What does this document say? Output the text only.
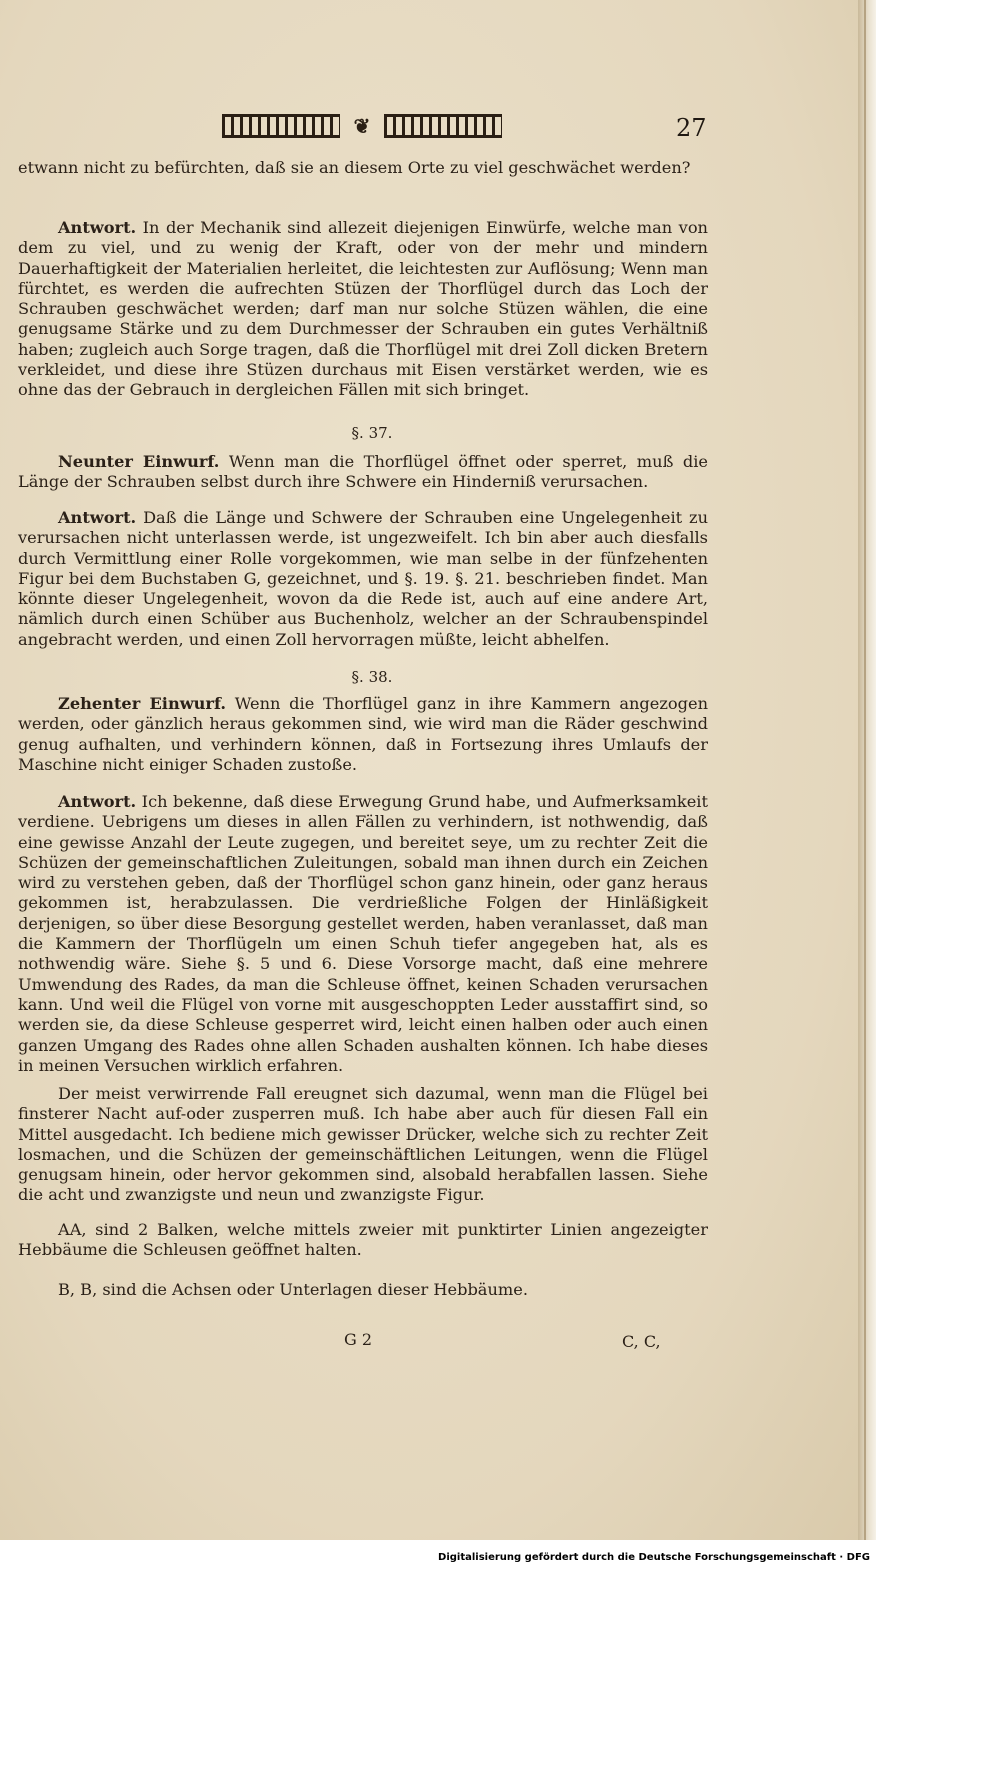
❦	27
etwann nicht zu befürchten, daß sie an diesem Orte zu viel geschwächet werden?
Antwort. In der Mechanik sind allezeit diejenigen Einwürfe, welche man von dem zu viel, und zu wenig der Kraft, oder von der mehr und mindern Dauerhaftigkeit der Materialien herleitet, die leichtesten zur Auflösung; Wenn man fürchtet, es werden die aufrechten Stüzen der Thorflügel durch das Loch der Schrauben geschwächet werden; darf man nur solche Stüzen wählen, die eine genugsame Stärke und zu dem Durchmesser der Schrauben ein gutes Verhältniß haben; zugleich auch Sorge tragen, daß die Thorflügel mit drei Zoll dicken Bretern verkleidet, und diese ihre Stüzen durchaus mit Eisen verstärket werden, wie es ohne das der Gebrauch in dergleichen Fällen mit sich bringet.
§. 37.
Neunter Einwurf. Wenn man die Thorflügel öffnet oder sperret, muß die Länge der Schrauben selbst durch ihre Schwere ein Hinderniß verursachen.
Antwort. Daß die Länge und Schwere der Schrauben eine Ungelegenheit zu verursachen nicht unterlassen werde, ist ungezweifelt. Ich bin aber auch diesfalls durch Vermittlung einer Rolle vorgekommen, wie man selbe in der fünfzehenten Figur bei dem Buchstaben G, gezeichnet, und §. 19. §. 21. beschrieben findet. Man könnte dieser Ungelegenheit, wovon da die Rede ist, auch auf eine andere Art, nämlich durch einen Schüber aus Buchenholz, welcher an der Schraubenspindel angebracht werden, und einen Zoll hervorragen müßte, leicht abhelfen.
§. 38.
Zehenter Einwurf. Wenn die Thorflügel ganz in ihre Kammern angezogen werden, oder gänzlich heraus gekommen sind, wie wird man die Räder geschwind genug aufhalten, und verhindern können, daß in Fortsezung ihres Umlaufs der Maschine nicht einiger Schaden zustoße.
Antwort. Ich bekenne, daß diese Erwegung Grund habe, und Aufmerksamkeit verdiene. Uebrigens um dieses in allen Fällen zu verhindern, ist nothwendig, daß eine gewisse Anzahl der Leute zugegen, und bereitet seye, um zu rechter Zeit die Schüzen der gemeinschaftlichen Zuleitungen, sobald man ihnen durch ein Zeichen wird zu verstehen geben, daß der Thorflügel schon ganz hinein, oder ganz heraus gekommen ist, herabzulassen. Die verdrießliche Folgen der Hinläßigkeit derjenigen, so über diese Besorgung gestellet werden, haben veranlasset, daß man die Kammern der Thorflügeln um einen Schuh tiefer angegeben hat, als es nothwendig wäre. Siehe §. 5 und 6. Diese Vorsorge macht, daß eine mehrere Umwendung des Rades, da man die Schleuse öffnet, keinen Schaden verursachen kann. Und weil die Flügel von vorne mit ausgeschoppten Leder ausstaffirt sind, so werden sie, da diese Schleuse gesperret wird, leicht einen halben oder auch einen ganzen Umgang des Rades ohne allen Schaden aushalten können. Ich habe dieses in meinen Versuchen wirklich erfahren.
Der meist verwirrende Fall ereugnet sich dazumal, wenn man die Flügel bei finsterer Nacht auf-oder zusperren muß. Ich habe aber auch für diesen Fall ein Mittel ausgedacht. Ich bediene mich gewisser Drücker, welche sich zu rechter Zeit losmachen, und die Schüzen der gemeinschäftlichen Leitungen, wenn die Flügel genugsam hinein, oder hervor gekommen sind, alsobald herabfallen lassen. Siehe die acht und zwanzigste und neun und zwanzigste Figur.
AA, sind 2 Balken, welche mittels zweier mit punktirter Linien angezeigter Hebbäume die Schleusen geöffnet halten.
B, B, sind die Achsen oder Unterlagen dieser Hebbäume.
G 2	C, C,
Digitalisierung gefördert durch die Deutsche Forschungsgemeinschaft · DFG
